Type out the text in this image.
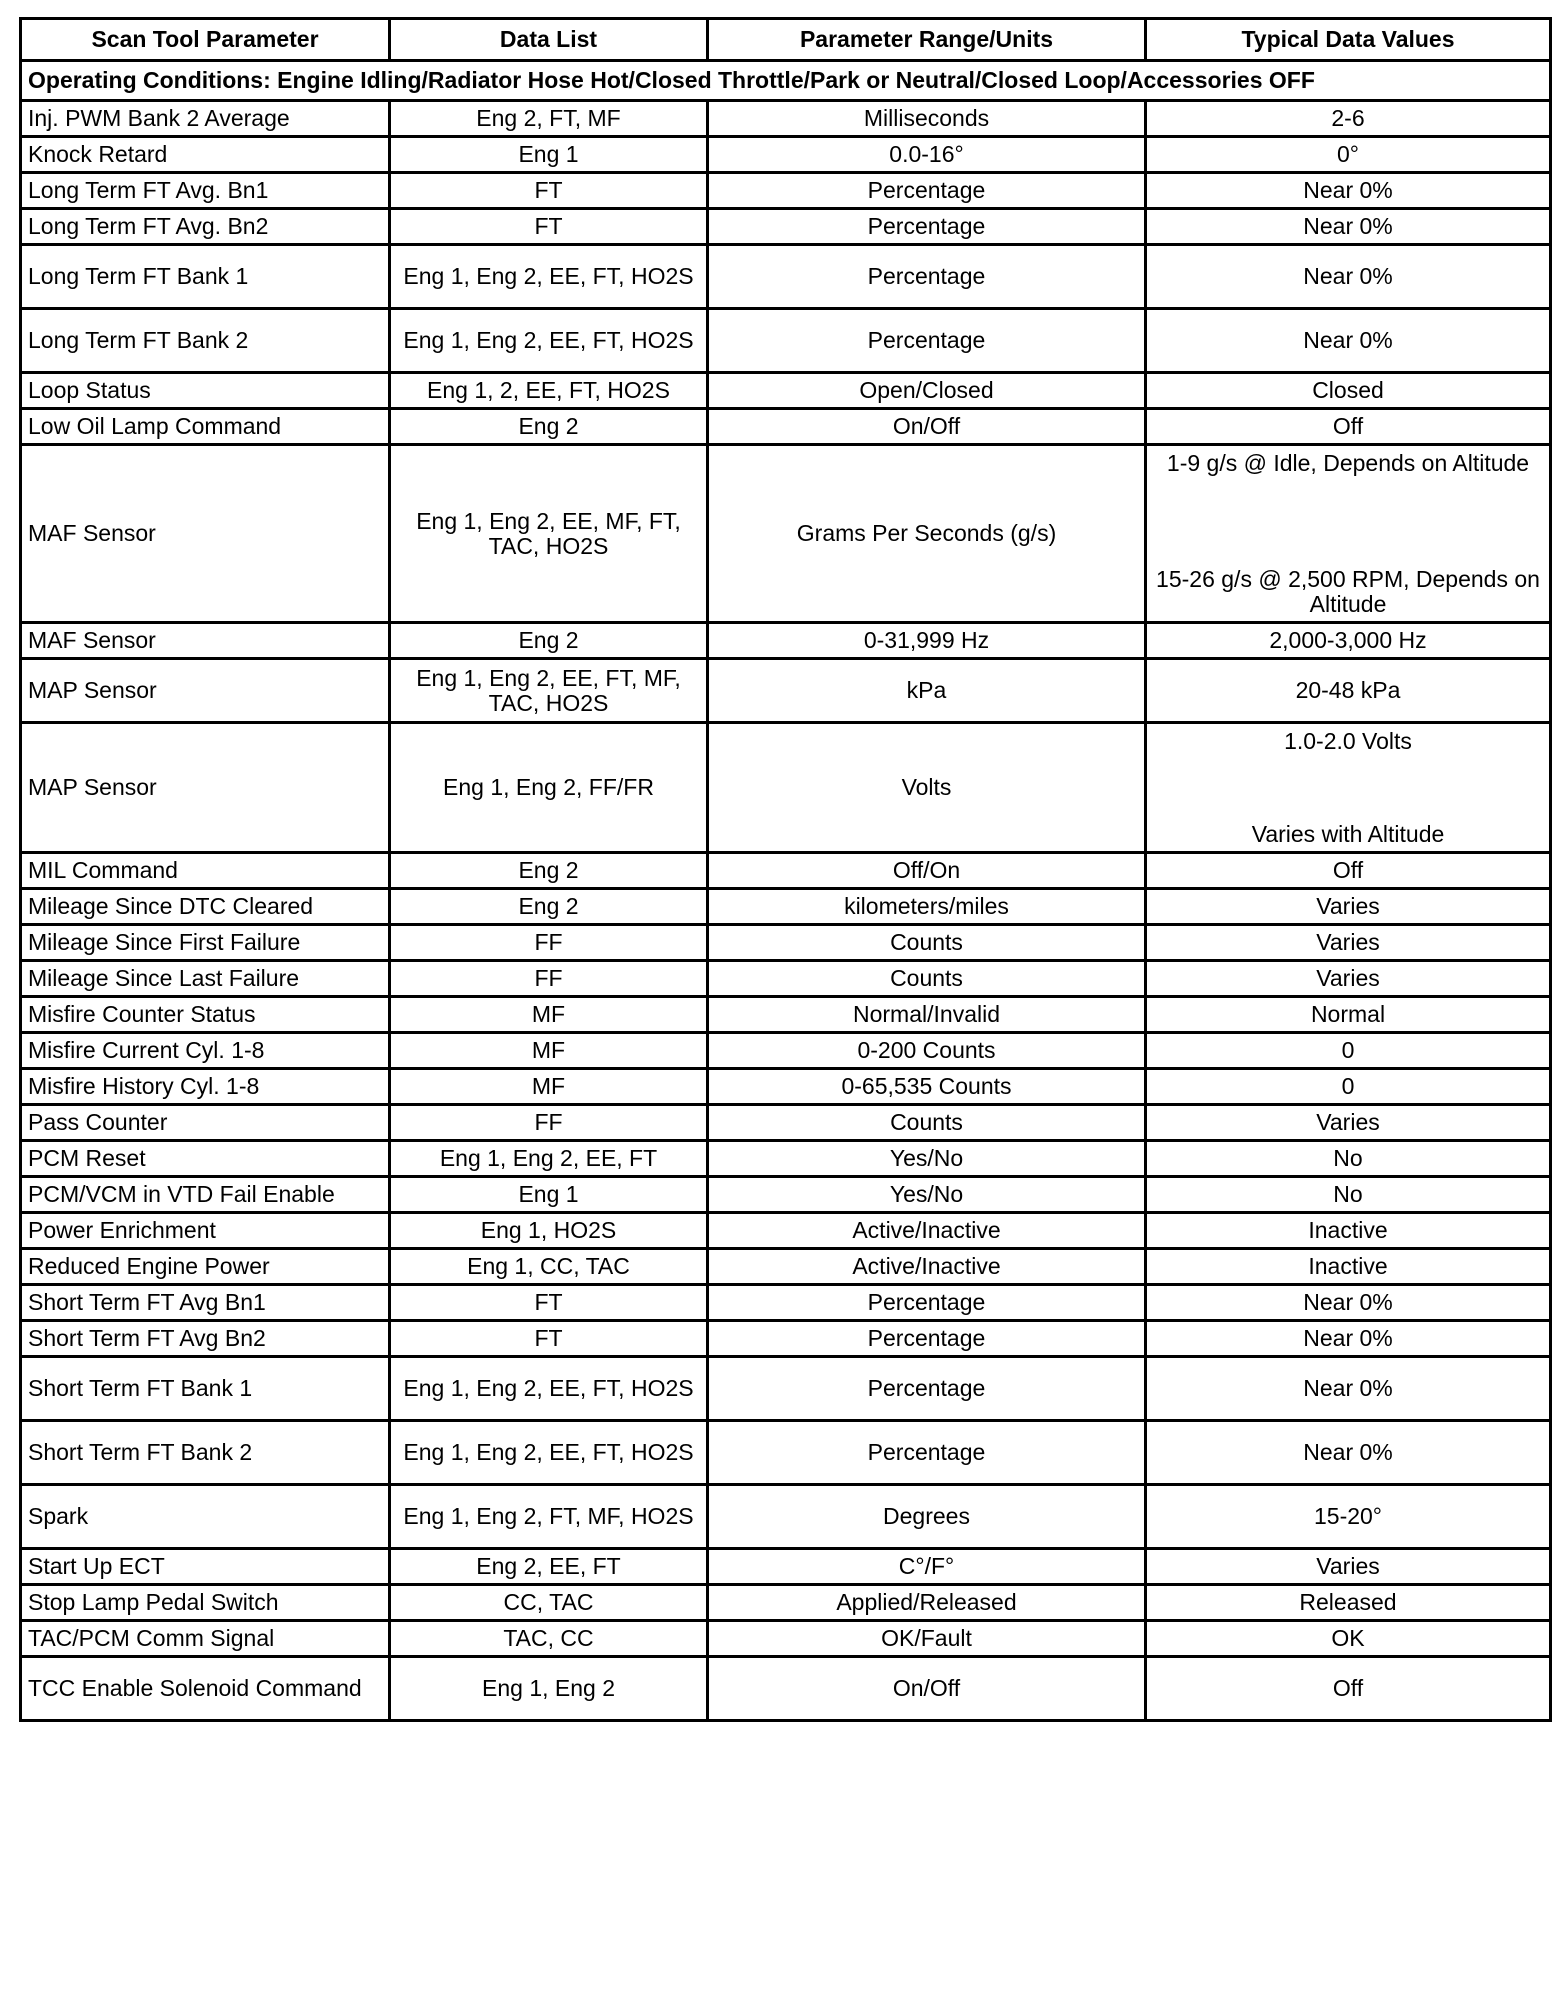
Scan Tool Parameter	Data List	Parameter Range/Units	Typical Data Values
Operating Conditions: Engine Idling/Radiator Hose Hot/Closed Throttle/Park or Neutral/Closed Loop/Accessories OFF			
Inj. PWM Bank 2 Average	Eng 2, FT, MF	Milliseconds	2-6
Knock Retard	Eng 1	0.0-16°	0°
Long Term FT Avg. Bn1	FT	Percentage	Near 0%
Long Term FT Avg. Bn2	FT	Percentage	Near 0%
Long Term FT Bank 1	Eng 1, Eng 2, EE, FT, HO2S	Percentage	Near 0%
Long Term FT Bank 2	Eng 1, Eng 2, EE, FT, HO2S	Percentage	Near 0%
Loop Status	Eng 1, 2, EE, FT, HO2S	Open/Closed	Closed
Low Oil Lamp Command	Eng 2	On/Off	Off
MAF Sensor	Eng 1, Eng 2, EE, MF, FT, TAC, HO2S	Grams Per Seconds (g/s)	1-9 g/s @ Idle, Depends on Altitude
15-26 g/s @ 2,500 RPM, Depends on Altitude

MAF Sensor	Eng 2	0-31,999 Hz	2,000-3,000 Hz
MAP Sensor	Eng 1, Eng 2, EE, FT, MF, TAC, HO2S	kPa	20-48 kPa
MAP Sensor	Eng 1, Eng 2, FF/FR	Volts	1.0-2.0 Volts
Varies with Altitude

MIL Command	Eng 2	Off/On	Off
Mileage Since DTC Cleared	Eng 2	kilometers/miles	Varies
Mileage Since First Failure	FF	Counts	Varies
Mileage Since Last Failure	FF	Counts	Varies
Misfire Counter Status	MF	Normal/Invalid	Normal
Misfire Current Cyl. 1-8	MF	0-200 Counts	0
Misfire History Cyl. 1-8	MF	0-65,535 Counts	0
Pass Counter	FF	Counts	Varies
PCM Reset	Eng 1, Eng 2, EE, FT	Yes/No	No
PCM/VCM in VTD Fail Enable	Eng 1	Yes/No	No
Power Enrichment	Eng 1, HO2S	Active/Inactive	Inactive
Reduced Engine Power	Eng 1, CC, TAC	Active/Inactive	Inactive
Short Term FT Avg Bn1	FT	Percentage	Near 0%
Short Term FT Avg Bn2	FT	Percentage	Near 0%
Short Term FT Bank 1	Eng 1, Eng 2, EE, FT, HO2S	Percentage	Near 0%
Short Term FT Bank 2	Eng 1, Eng 2, EE, FT, HO2S	Percentage	Near 0%
Spark	Eng 1, Eng 2, FT, MF, HO2S	Degrees	15-20°
Start Up ECT	Eng 2, EE, FT	C°/F°	Varies
Stop Lamp Pedal Switch	CC, TAC	Applied/Released	Released
TAC/PCM Comm Signal	TAC, CC	OK/Fault	OK
TCC Enable Solenoid Command	Eng 1, Eng 2	On/Off	Off
